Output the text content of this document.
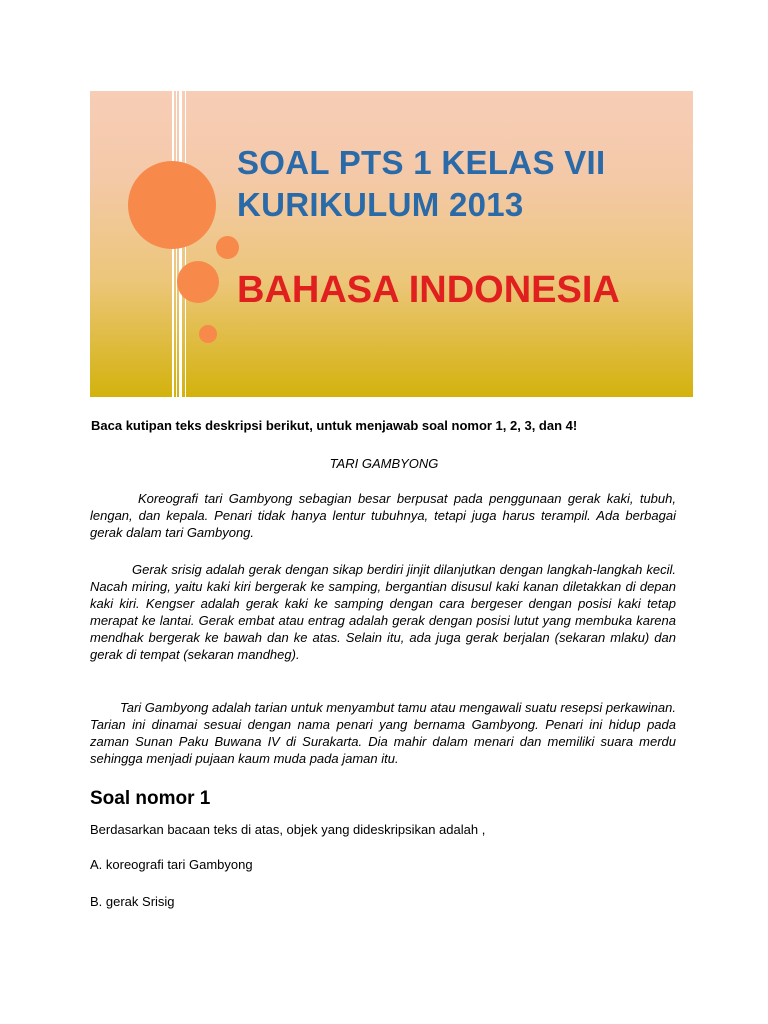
SOAL PTS 1 KELAS VII
KURIKULUM 2013
BAHASA INDONESIA
Baca kutipan teks deskripsi berikut, untuk menjawab soal nomor 1, 2, 3, dan 4!
TARI GAMBYONG
Koreografi tari Gambyong sebagian besar berpusat pada penggunaan gerak kaki, tubuh, lengan, dan kepala. Penari tidak hanya lentur tubuhnya, tetapi juga harus terampil. Ada berbagai gerak dalam tari Gambyong.
Gerak srisig adalah gerak dengan sikap berdiri jinjit dilanjutkan dengan langkah-langkah kecil. Nacah miring, yaitu kaki kiri bergerak ke samping, bergantian disusul kaki kanan diletakkan di depan kaki kiri. Kengser adalah gerak kaki ke samping dengan cara bergeser dengan posisi kaki tetap merapat ke lantai. Gerak embat atau entrag adalah gerak dengan posisi lutut yang membuka karena mendhak bergerak ke bawah dan ke atas. Selain itu, ada juga gerak berjalan (sekaran mlaku) dan gerak di tempat (sekaran mandheg).
Tari Gambyong adalah tarian untuk menyambut tamu atau mengawali suatu resepsi perkawinan. Tarian ini dinamai sesuai dengan nama penari yang bernama Gambyong. Penari ini hidup pada zaman Sunan Paku Buwana IV di Surakarta. Dia mahir dalam menari dan memiliki suara merdu sehingga menjadi pujaan kaum muda pada jaman itu.
Soal nomor 1
Berdasarkan bacaan teks di atas, objek yang dideskripsikan adalah ,
A. koreografi tari Gambyong
B. gerak Srisig
